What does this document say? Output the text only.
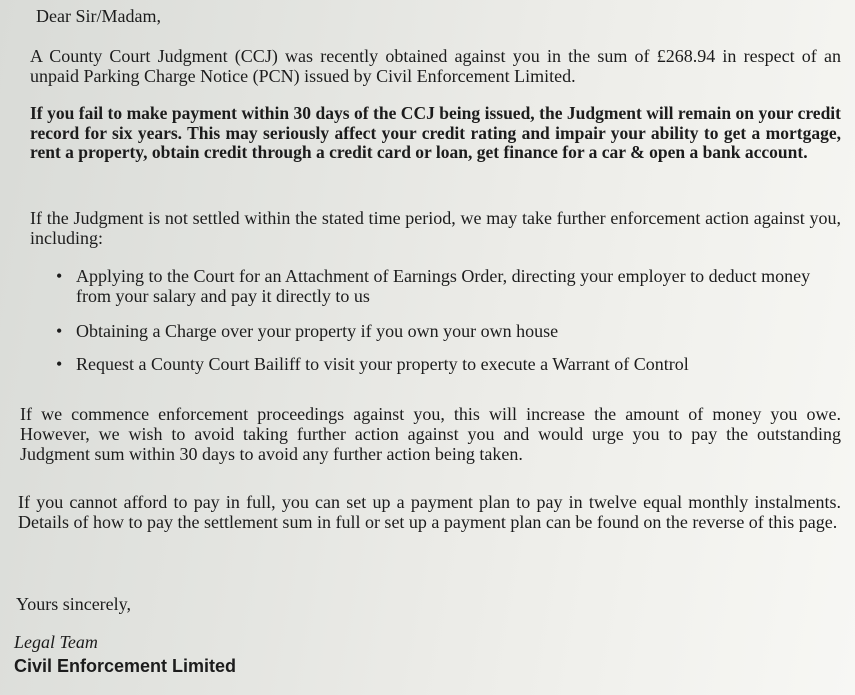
Dear Sir/Madam,

A County Court Judgment (CCJ) was recently obtained against you in the sum of £268.94 in respect of an unpaid Parking Charge Notice (PCN) issued by Civil Enforcement Limited.

If you fail to make payment within 30 days of the CCJ being issued, the Judgment will remain on your credit record for six years. This may seriously affect your credit rating and impair your ability to get a mortgage, rent a property, obtain credit through a credit card or loan, get finance for a car & open a bank account.

If the Judgment is not settled within the stated time period, we may take further enforcement action against you, including:

• Applying to the Court for an Attachment of Earnings Order, directing your employer to deduct money from your salary and pay it directly to us
• Obtaining a Charge over your property if you own your own house
• Request a County Court Bailiff to visit your property to execute a Warrant of Control

If we commence enforcement proceedings against you, this will increase the amount of money you owe. However, we wish to avoid taking further action against you and would urge you to pay the outstanding Judgment sum within 30 days to avoid any further action being taken.

If you cannot afford to pay in full, you can set up a payment plan to pay in twelve equal monthly instalments. Details of how to pay the settlement sum in full or set up a payment plan can be found on the reverse of this page.

Yours sincerely,

Legal Team

Civil Enforcement Limited
